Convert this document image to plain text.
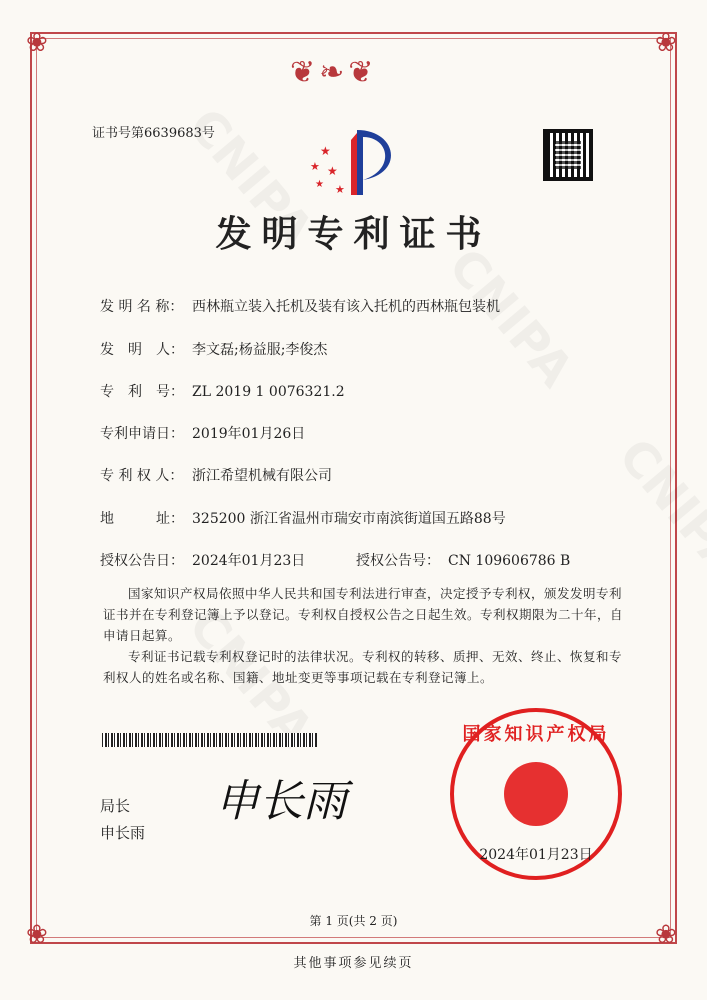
❦❧❦
❀	❀
❀	❀
证书号第6639683号
★
★ ★
★ ★
发明专利证书
发 明 名 称： 西林瓶立装入托机及装有该入托机的西林瓶包装机
发　明　人： 李文磊;杨益服;李俊杰
专　利　号： ZL 2019 1 0076321.2
专利申请日： 2019年01月26日
专 利 权 人： 浙江希望机械有限公司
地　　　址： 325200 浙江省温州市瑞安市南滨街道国五路88号
授权公告日： 2024年01月23日	授权公告号： CN 109606786 B
国家知识产权局依照中华人民共和国专利法进行审查，决定授予专利权，颁发发明专利证书并在专利登记簿上予以登记。专利权自授权公告之日起生效。专利权期限为二十年，自申请日起算。
专利证书记载专利权登记时的法律状况。专利权的转移、质押、无效、终止、恢复和专利权人的姓名或名称、国籍、地址变更等事项记载在专利登记簿上。
局长
申长雨
申长雨
国家知识产权局
2024年01月23日
第 1 页(共 2 页)
其他事项参见续页
